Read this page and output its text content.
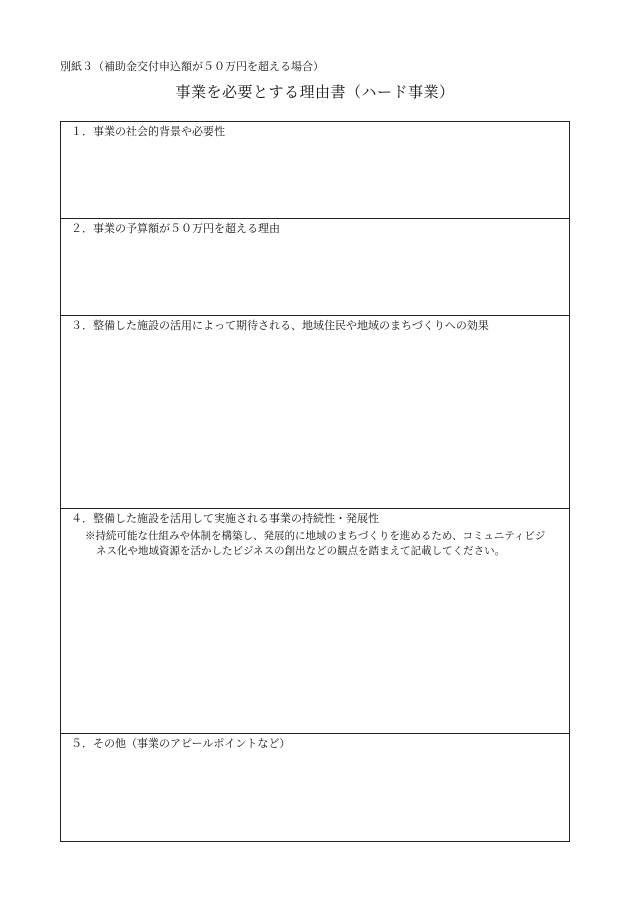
別紙３（補助金交付申込額が５０万円を超える場合）
事業を必要とする理由書（ハード事業）
１．事業の社会的背景や必要性
２．事業の予算額が５０万円を超える理由
３．整備した施設の活用によって期待される、地域住民や地域のまちづくりへの効果
４．整備した施設を活用して実施される事業の持続性・発展性
※持続可能な仕組みや体制を構築し、発展的に地域のまちづくりを進めるため、コミュニティビジ
ネス化や地域資源を活かしたビジネスの創出などの観点を踏まえて記載してください。
５．その他（事業のアピールポイントなど）
